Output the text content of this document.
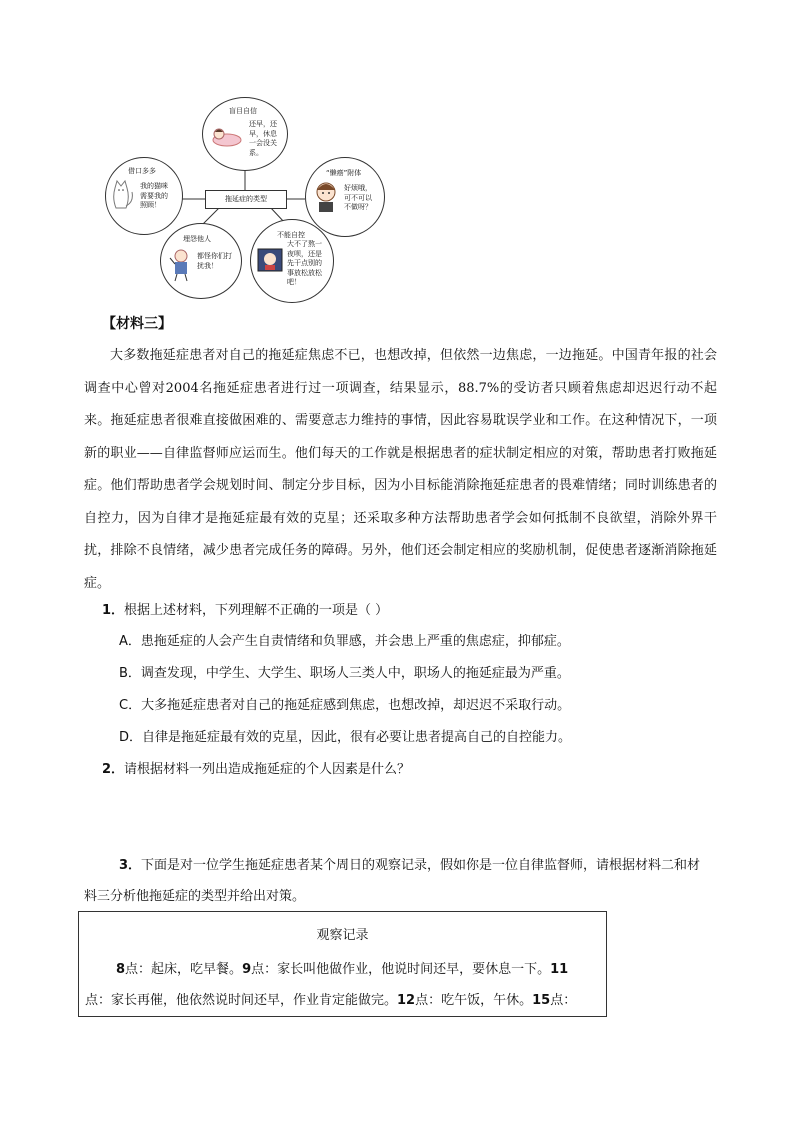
盲目自信
还早，还
早，休息
一会没关
系。
借口多多
我的猫咪
需要我的
照顾！
“懒癌”附体
好烦哦，
可不可以
不做呀？
拖延症的类型
埋怨他人
都怪你们打
扰我！
不能自控
大不了熬一
夜呗，还是
先干点别的
事放松放松
吧！
【材料三】
大多数拖延症患者对自己的拖延症焦虑不已，也想改掉，但依然一边焦虑，一边拖延。中国青年报的社会调查中心曾对2004名拖延症患者进行过一项调查，结果显示，88.7%的受访者只顾着焦虑却迟迟行动不起来。拖延症患者很难直接做困难的、需要意志力维持的事情，因此容易耽误学业和工作。在这种情况下，一项新的职业——自律监督师应运而生。他们每天的工作就是根据患者的症状制定相应的对策，帮助患者打败拖延症。他们帮助患者学会规划时间、制定分步目标，因为小目标能消除拖延症患者的畏难情绪；同时训练患者的自控力，因为自律才是拖延症最有效的克星；还采取多种方法帮助患者学会如何抵制不良欲望，消除外界干扰，排除不良情绪，减少患者完成任务的障碍。另外，他们还会制定相应的奖励机制，促使患者逐渐消除拖延症。
1．根据上述材料，下列理解不正确的一项是（ ）
A．患拖延症的人会产生自责情绪和负罪感，并会患上严重的焦虑症，抑郁症。
B．调查发现，中学生、大学生、职场人三类人中，职场人的拖延症最为严重。
C．大多拖延症患者对自己的拖延症感到焦虑，也想改掉，却迟迟不采取行动。
D．自律是拖延症最有效的克星，因此，很有必要让患者提高自己的自控能力。
2．请根据材料一列出造成拖延症的个人因素是什么？
3．下面是对一位学生拖延症患者某个周日的观察记录，假如你是一位自律监督师，请根据材料二和材
料三分析他拖延症的类型并给出对策。
观察记录
8点：起床，吃早餐。9点：家长叫他做作业，他说时间还早，要休息一下。11
点：家长再催，他依然说时间还早，作业肯定能做完。12点：吃午饭，午休。15点：
